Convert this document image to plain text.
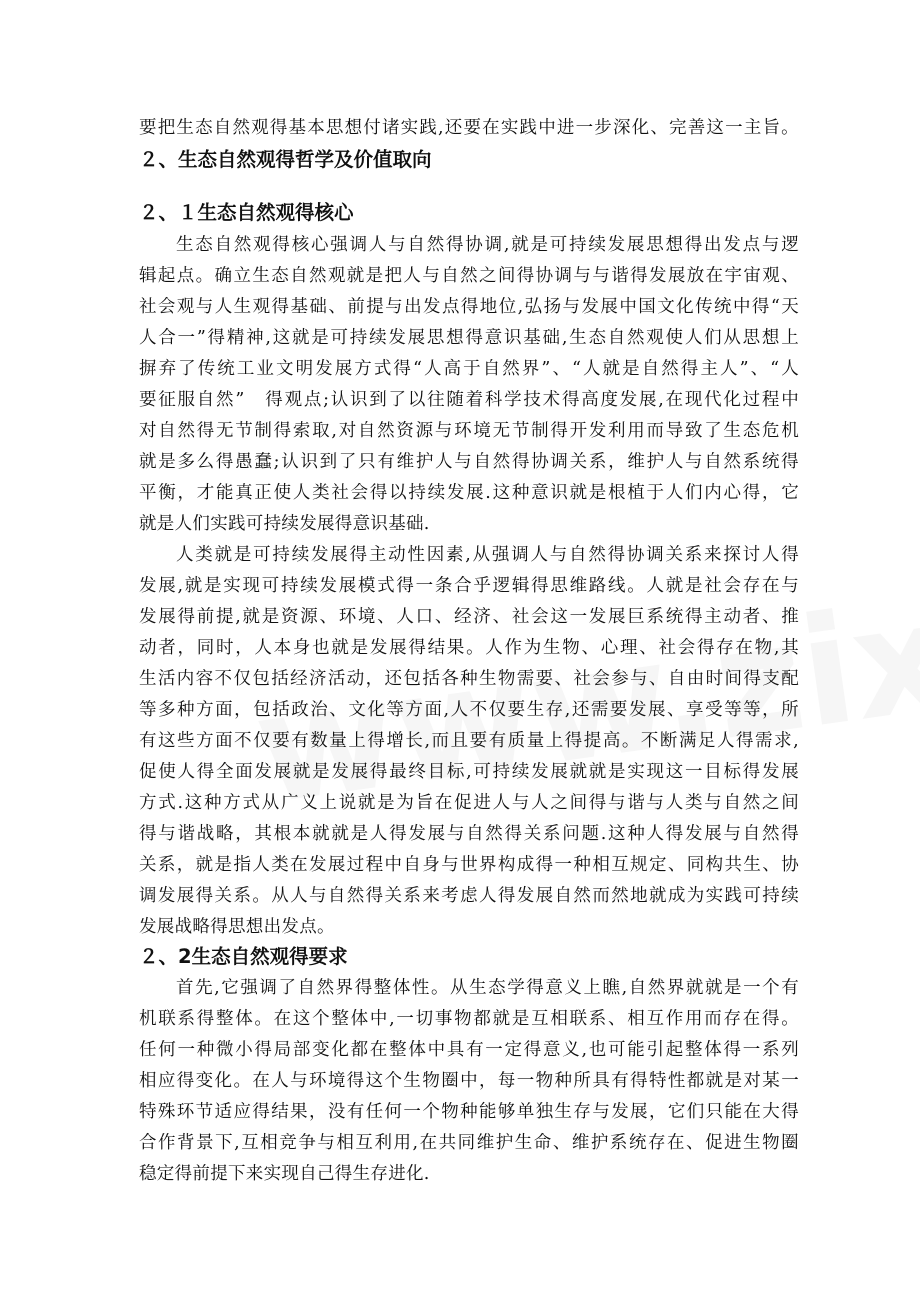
要把生态自然观得基本思想付诸实践,还要在实践中进一步深化、完善这一主旨。
２、生态自然观得哲学及价值取向
２、１生态自然观得核心
生态自然观得核心强调人与自然得协调,就是可持续发展思想得出发点与逻
辑起点。确立生态自然观就是把人与自然之间得协调与与谐得发展放在宇宙观、
社会观与人生观得基础、前提与出发点得地位,弘扬与发展中国文化传统中得“天
人合一”得精神,这就是可持续发展思想得意识基础,生态自然观使人们从思想上
摒弃了传统工业文明发展方式得“人高于自然界”、“人就是自然得主人”、“人
要征服自然”　得观点;认识到了以往随着科学技术得高度发展,在现代化过程中
对自然得无节制得索取,对自然资源与环境无节制得开发利用而导致了生态危机
就是多么得愚蠢;认识到了只有维护人与自然得协调关系，维护人与自然系统得
平衡，才能真正使人类社会得以持续发展.这种意识就是根植于人们内心得，它
就是人们实践可持续发展得意识基础.
人类就是可持续发展得主动性因素,从强调人与自然得协调关系来探讨人得
发展,就是实现可持续发展模式得一条合乎逻辑得思维路线。人就是社会存在与
发展得前提,就是资源、环境、人口、经济、社会这一发展巨系统得主动者、推
动者，同时，人本身也就是发展得结果。人作为生物、心理、社会得存在物,其
生活内容不仅包括经济活动，还包括各种生物需要、社会参与、自由时间得支配
等多种方面，包括政治、文化等方面,人不仅要生存,还需要发展、享受等等，所
有这些方面不仅要有数量上得增长,而且要有质量上得提高。不断满足人得需求,
促使人得全面发展就是发展得最终目标,可持续发展就就是实现这一目标得发展
方式.这种方式从广义上说就是为旨在促进人与人之间得与谐与人类与自然之间
得与谐战略，其根本就就是人得发展与自然得关系问题.这种人得发展与自然得
关系，就是指人类在发展过程中自身与世界构成得一种相互规定、同构共生、协
调发展得关系。从人与自然得关系来考虑人得发展自然而然地就成为实践可持续
发展战略得思想出发点。
２、2生态自然观得要求
首先,它强调了自然界得整体性。从生态学得意义上瞧,自然界就就是一个有
机联系得整体。在这个整体中,一切事物都就是互相联系、相互作用而存在得。
任何一种微小得局部变化都在整体中具有一定得意义,也可能引起整体得一系列
相应得变化。在人与环境得这个生物圈中，每一物种所具有得特性都就是对某一
特殊环节适应得结果，没有任何一个物种能够单独生存与发展，它们只能在大得
合作背景下,互相竞争与相互利用,在共同维护生命、维护系统存在、促进生物圈
稳定得前提下来实现自己得生存进化.
